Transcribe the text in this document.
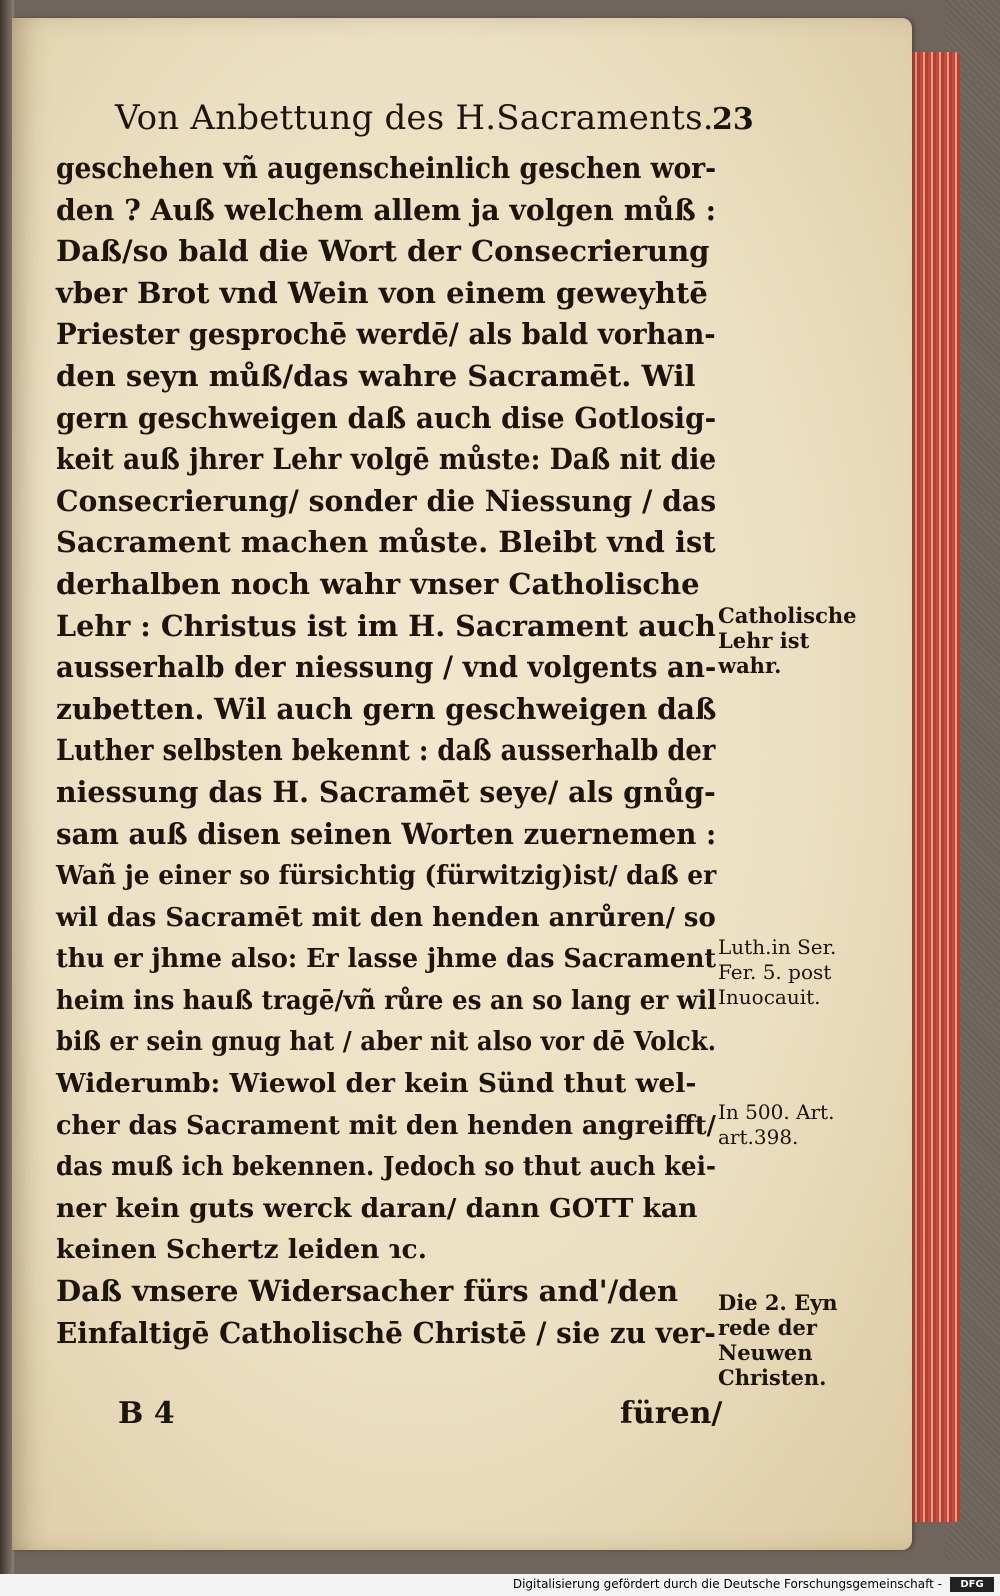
Von Anbettung des H.Sacraments.
23
geschehen vñ augenscheinlich geschen wor-
den ? Auß welchem allem ja volgen můß :
Daß/so bald die Wort der Consecrierung
vber Brot vnd Wein von einem geweyhtē
Priester gesprochē werdē/ als bald vorhan-
den seyn můß/das wahre Sacramēt. Wil
gern geschweigen daß auch dise Gotlosig-
keit auß jhrer Lehr volgē můste: Daß nit die
Consecrierung/ sonder die Niessung / das
Sacrament machen můste. Bleibt vnd ist
derhalben noch wahr vnser Catholische
Lehr : Christus ist im H. Sacrament auch
ausserhalb der niessung / vnd volgents an-
zubetten. Wil auch gern geschweigen daß
Luther selbsten bekennt : daß ausserhalb der
niessung das H. Sacramēt seye/ als gnůg-
sam auß disen seinen Worten zuernemen :
Wañ je einer so fürsichtig (fürwitzig)ist/ daß er
wil das Sacramēt mit den henden anrůren/ so
thu er jhme also: Er lasse jhme das Sacrament
heim ins hauß tragē/vñ růre es an so lang er wil
biß er sein gnug hat / aber nit also vor dē Volck.
Widerumb: Wiewol der kein Sünd thut wel-
cher das Sacrament mit den henden angreifft/
das muß ich bekennen. Jedoch so thut auch kei-
ner kein guts werck daran/ dann GOTT kan
keinen Schertz leiden ɿc.
Daß vnsere Widersacher fürs and'/den
Einfaltigē Catholischē Christē / sie zu ver-
Catholische
Lehr ist
wahr.
Luth.in Ser.
Fer. 5. post
Inuocauit.
In 500. Art.
art.398.
Die 2. Eyn
rede der
Neuwen
Christen.
B 4	füren/
Digitalisierung gefördert durch die Deutsche Forschungsgemeinschaft -	DFG
